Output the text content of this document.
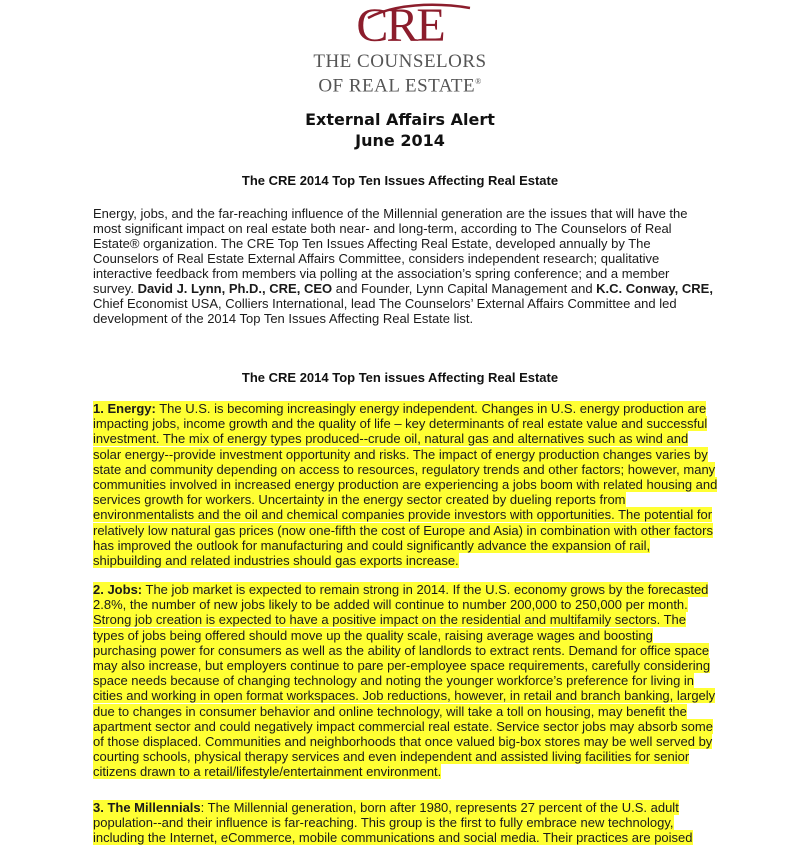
CRE
THE COUNSELORS
OF REAL ESTATE®
External Affairs Alert
June 2014
The CRE 2014 Top Ten Issues Affecting Real Estate
Energy, jobs, and the far-reaching influence of the Millennial generation are the issues that will have the most significant impact on real estate both near- and long-term, according to The Counselors of Real Estate® organization. The CRE Top Ten Issues Affecting Real Estate, developed annually by The Counselors of Real Estate External Affairs Committee, considers independent research; qualitative interactive feedback from members via polling at the association’s spring conference; and a member survey. David J. Lynn, Ph.D., CRE, CEO and Founder, Lynn Capital Management and K.C. Conway, CRE, Chief Economist USA, Colliers International, lead The Counselors’ External Affairs Committee and led development of the 2014 Top Ten Issues Affecting Real Estate list.
The CRE 2014 Top Ten issues Affecting Real Estate
1. Energy: The U.S. is becoming increasingly energy independent. Changes in U.S. energy production are impacting jobs, income growth and the quality of life – key determinants of real estate value and successful investment. The mix of energy types produced--crude oil, natural gas and alternatives such as wind and solar energy--provide investment opportunity and risks. The impact of energy production changes varies by state and community depending on access to resources, regulatory trends and other factors; however, many communities involved in increased energy production are experiencing a jobs boom with related housing and services growth for workers. Uncertainty in the energy sector created by dueling reports from environmentalists and the oil and chemical companies provide investors with opportunities. The potential for relatively low natural gas prices (now one-fifth the cost of Europe and Asia) in combination with other factors has improved the outlook for manufacturing and could significantly advance the expansion of rail, shipbuilding and related industries should gas exports increase.
2. Jobs: The job market is expected to remain strong in 2014. If the U.S. economy grows by the forecasted 2.8%, the number of new jobs likely to be added will continue to number 200,000 to 250,000 per month. Strong job creation is expected to have a positive impact on the residential and multifamily sectors. The types of jobs being offered should move up the quality scale, raising average wages and boosting purchasing power for consumers as well as the ability of landlords to extract rents. Demand for office space may also increase, but employers continue to pare per-employee space requirements, carefully considering space needs because of changing technology and noting the younger workforce’s preference for living in cities and working in open format workspaces. Job reductions, however, in retail and branch banking, largely due to changes in consumer behavior and online technology, will take a toll on housing, may benefit the apartment sector and could negatively impact commercial real estate. Service sector jobs may absorb some of those displaced. Communities and neighborhoods that once valued big-box stores may be well served by courting schools, physical therapy services and even independent and assisted living facilities for senior citizens drawn to a retail/lifestyle/entertainment environment.
3. The Millennials: The Millennial generation, born after 1980, represents 27 percent of the U.S. adult population--and their influence is far-reaching. This group is the first to fully embrace new technology, including the Internet, eCommerce, mobile communications and social media. Their practices are poised
